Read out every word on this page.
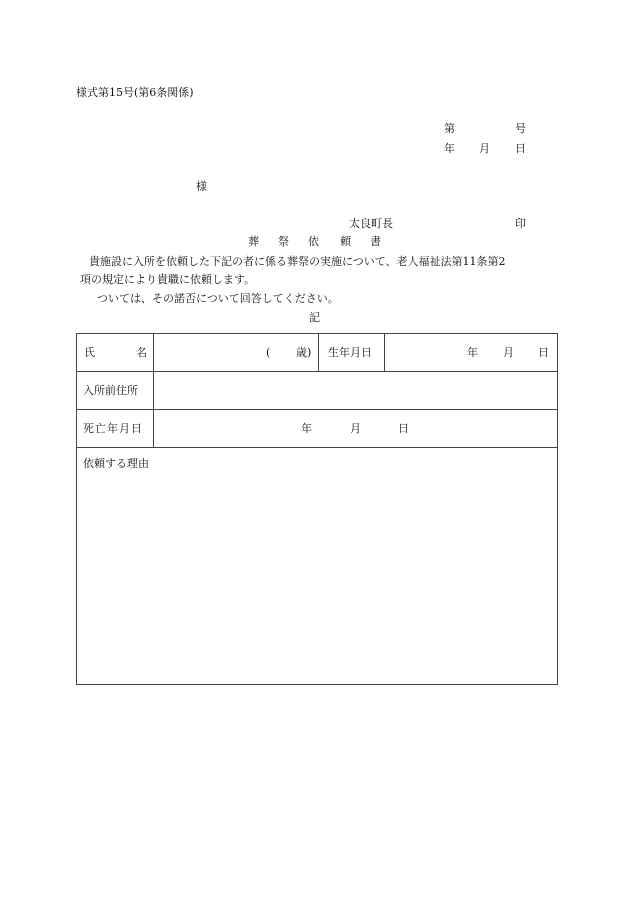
様式第15号(第6条関係)
第	号
年 月 日
様
太良町長	印
葬 祭 依 頼 書
貴施設に入所を依頼した下記の者に係る葬祭の実施について、老人福祉法第11条第2
項の規定により貴職に依頼します。
ついては、その諾否について回答してください。
記
氏 名	( 歳)	生年月日	年 月 日

入所前住所			

死亡年月日	年 月 日		

依頼する理由			
